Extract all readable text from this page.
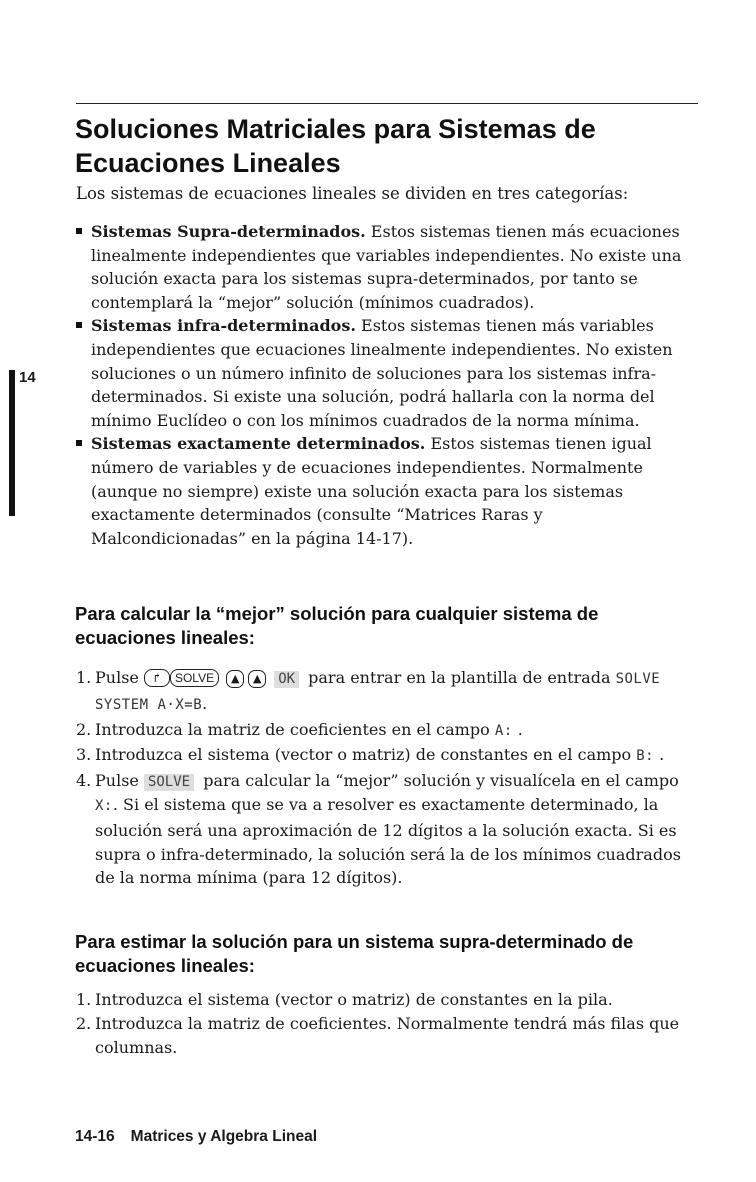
14
Soluciones Matriciales para Sistemas de Ecuaciones Lineales

Los sistemas de ecuaciones lineales se dividen en tres categorías:

Sistemas Supra-determinados. Estos sistemas tienen más ecuaciones linealmente independientes que variables independientes. No existe una solución exacta para los sistemas supra-determinados, por tanto se contemplará la “mejor” solución (mínimos cuadrados).
Sistemas infra-determinados. Estos sistemas tienen más variables independientes que ecuaciones linealmente independientes. No existen soluciones o un número infinito de soluciones para los sistemas infra-determinados. Si existe una solución, podrá hallarla con la norma del mínimo Euclídeo o con los mínimos cuadrados de la norma mínima.
Sistemas exactamente determinados. Estos sistemas tienen igual número de variables y de ecuaciones independientes. Normalmente (aunque no siempre) existe una solución exacta para los sistemas exactamente determinados (consulte “Matrices Raras y Malcondicionadas” en la página 14-17).
Para calcular la “mejor” solución para cualquier sistema de ecuaciones lineales:
1. Pulse ↱ SOLVE ▲ ▲ OK para entrar en la plantilla de entrada SOLVE SYSTEM A·X=B.
2. Introduzca la matriz de coeficientes en el campo A: .
3. Introduzca el sistema (vector o matriz) de constantes en el campo B: .
4. Pulse SOLVE para calcular la “mejor” solución y visualícela en el campo X:. Si el sistema que se va a resolver es exactamente determinado, la solución será una aproximación de 12 dígitos a la solución exacta. Si es supra o infra-determinado, la solución será la de los mínimos cuadrados de la norma mínima (para 12 dígitos).
Para estimar la solución para un sistema supra-determinado de ecuaciones lineales:
1. Introduzca el sistema (vector o matriz) de constantes en la pila.
2. Introduzca la matriz de coeficientes. Normalmente tendrá más filas que columnas.
14-16 Matrices y Algebra Lineal
